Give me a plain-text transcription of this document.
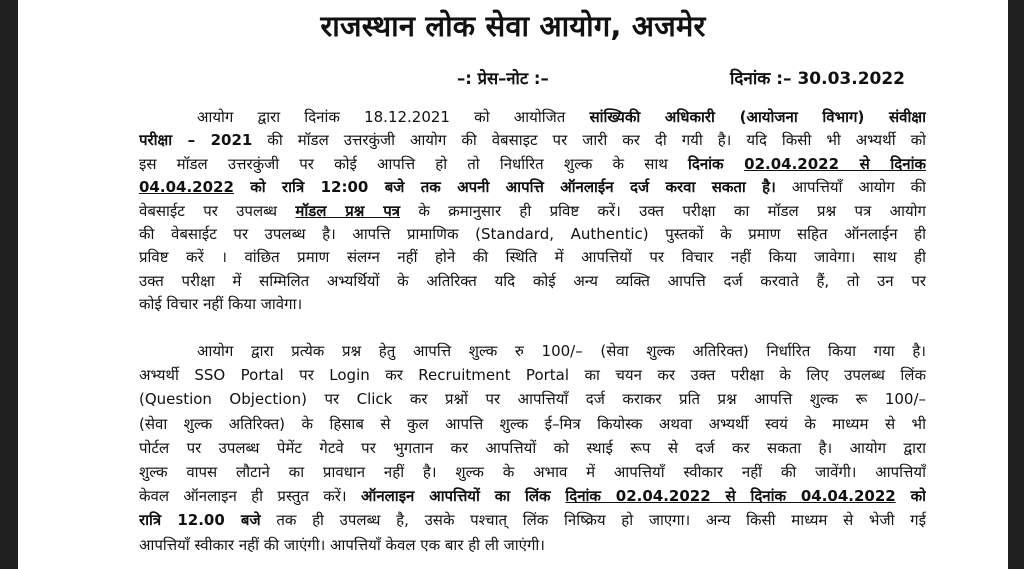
राजस्थान लोक सेवा आयोग, अजमेर
–: प्रेस–नोट :–	दिनांक :– 30.03.2022
आयोग द्वारा दिनांक 18.12.2021 को आयोजित सांख्यिकी अधिकारी (आयोजना विभाग) संवीक्षा
परीक्षा – 2021 की मॉडल उत्तरकुंजी आयोग की वेबसाइट पर जारी कर दी गयी है। यदि किसी भी अभ्यर्थी को
इस मॉडल उत्तरकुंजी पर कोई आपत्ति हो तो निर्धारित शुल्क के साथ दिनांक 02.04.2022 से दिनांक
04.04.2022 को रात्रि 12:00 बजे तक अपनी आपत्ति ऑनलाईन दर्ज करवा सकता है। आपत्तियॉं आयोग की
वेबसाईट पर उपलब्ध मॉडल प्रश्न पत्र के क्रमानुसार ही प्रविष्ट करें। उक्त परीक्षा का मॉडल प्रश्न पत्र आयोग
की वेबसाईट पर उपलब्ध है। आपत्ति प्रामाणिक (Standard, Authentic) पुस्तकों के प्रमाण सहित ऑनलाईन ही
प्रविष्ट करें । वांछित प्रमाण संलग्न नहीं होने की स्थिति में आपत्तियों पर विचार नहीं किया जावेगा। साथ ही
उक्त परीक्षा में सम्मिलित अभ्यर्थियों के अतिरिक्त यदि कोई अन्य व्यक्ति आपत्ति दर्ज करवाते हैं, तो उन पर
कोई विचार नहीं किया जावेगा।
आयोग द्वारा प्रत्येक प्रश्न हेतु आपत्ति शुल्क रु 100/– (सेवा शुल्क अतिरिक्त) निर्धारित किया गया है।
अभ्यर्थी SSO Portal पर Login कर Recruitment Portal का चयन कर उक्त परीक्षा के लिए उपलब्ध लिंक
(Question Objection) पर Click कर प्रश्नों पर आपत्तियॉं दर्ज कराकर प्रति प्रश्न आपत्ति शुल्क रू 100/–
(सेवा शुल्क अतिरिक्त) के हिसाब से कुल आपत्ति शुल्क ई–मित्र कियोस्क अथवा अभ्यर्थी स्वयं के माध्यम से भी
पोर्टल पर उपलब्ध पेमेंट गेटवे पर भुगतान कर आपत्तियों को स्थाई रूप से दर्ज कर सकता है। आयोग द्वारा
शुल्क वापस लौटाने का प्रावधान नहीं है। शुल्क के अभाव में आपत्तियॉं स्वीकार नहीं की जावेंगी। आपत्तियॉं
केवल ऑनलाइन ही प्रस्तुत करें। ऑनलाइन आपत्तियों का लिंक दिनांक 02.04.2022 से दिनांक 04.04.2022 को
रात्रि 12.00 बजे तक ही उपलब्ध है, उसके पश्चात् लिंक निष्क्रिय हो जाएगा। अन्य किसी माध्यम से भेजी गई
आपत्तियॉं स्वीकार नहीं की जाएंगी। आपत्तियॉं केवल एक बार ही ली जाएंगी।
